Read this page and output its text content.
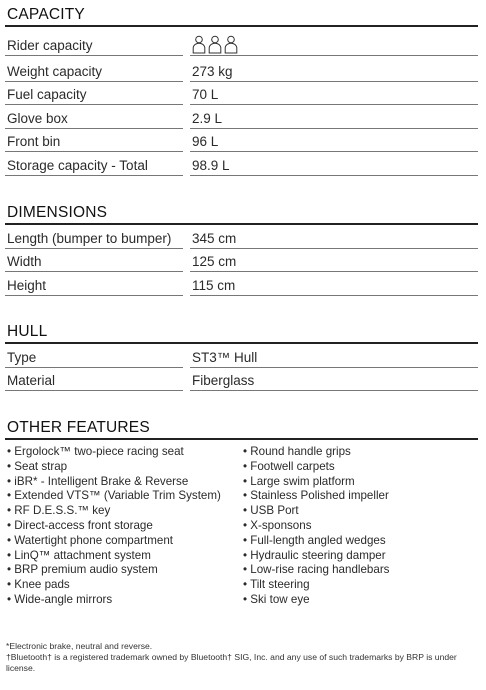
CAPACITY
Rider capacity
Weight capacity	273 kg
Fuel capacity	70 L
Glove box	2.9 L
Front bin	96 L
Storage capacity - Total	98.9 L
DIMENSIONS
Length (bumper to bumper) 345 cm
Width	125 cm
Height	115 cm
HULL
Type	ST3™ Hull
Material	Fiberglass
OTHER FEATURES
• Ergolock™ two-piece racing seat
• Seat strap
• iBR* - Intelligent Brake & Reverse
• Extended VTS™ (Variable Trim System)
• RF D.E.S.S.™ key
• Direct-access front storage
• Watertight phone compartment
• LinQ™ attachment system
• BRP premium audio system
• Knee pads
• Wide-angle mirrors
• Round handle grips
• Footwell carpets
• Large swim platform
• Stainless Polished impeller
• USB Port
• X-sponsons
• Full-length angled wedges
• Hydraulic steering damper
• Low-rise racing handlebars
• Tilt steering
• Ski tow eye

*Electronic brake, neutral and reverse.

†Bluetooth† is a registered trademark owned by Bluetooth† SIG, Inc. and any use of such trademarks by BRP is under license.
